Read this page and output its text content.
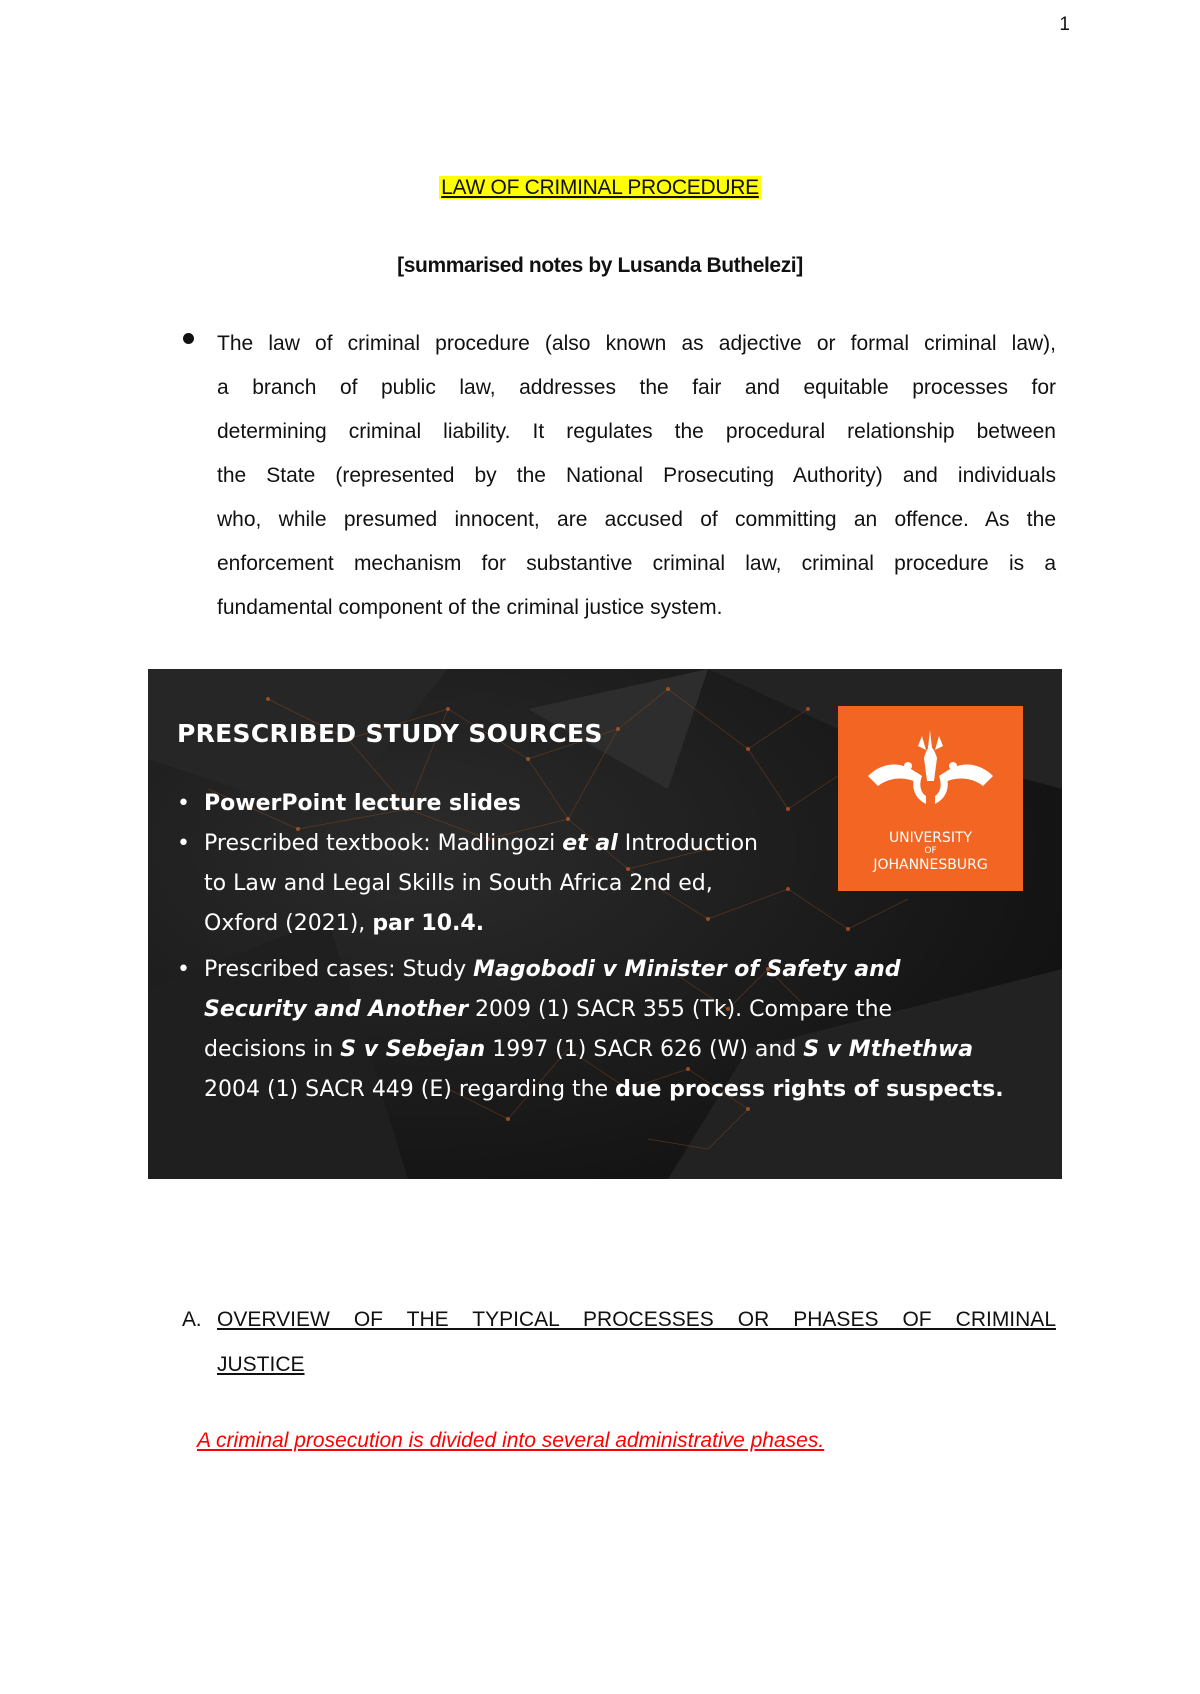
1
LAW OF CRIMINAL PROCEDURE
[summarised notes by Lusanda Buthelezi]
The law of criminal procedure (also known as adjective or formal criminal law),
a branch of public law, addresses the fair and equitable processes for
determining criminal liability. It regulates the procedural relationship between
the State (represented by the National Prosecuting Authority) and individuals
who, while presumed innocent, are accused of committing an offence. As the
enforcement mechanism for substantive criminal law, criminal procedure is a
fundamental component of the criminal justice system.
PRESCRIBED STUDY SOURCES
• PowerPoint lecture slides
• Prescribed textbook: Madlingozi et al Introduction
to Law and Legal Skills in South Africa 2nd ed,
Oxford (2021), par 10.4.
• Prescribed cases: Study Magobodi v Minister of Safety and
Security and Another 2009 (1) SACR 355 (Tk). Compare the
decisions in S v Sebejan 1997 (1) SACR 626 (W) and S v Mthethwa
2004 (1) SACR 449 (E) regarding the due process rights of suspects.
UNIVERSITY
OF
JOHANNESBURG
A. OVERVIEW OF THE TYPICAL PROCESSES OR PHASES OF CRIMINAL
JUSTICE
A criminal prosecution is divided into several administrative phases.
